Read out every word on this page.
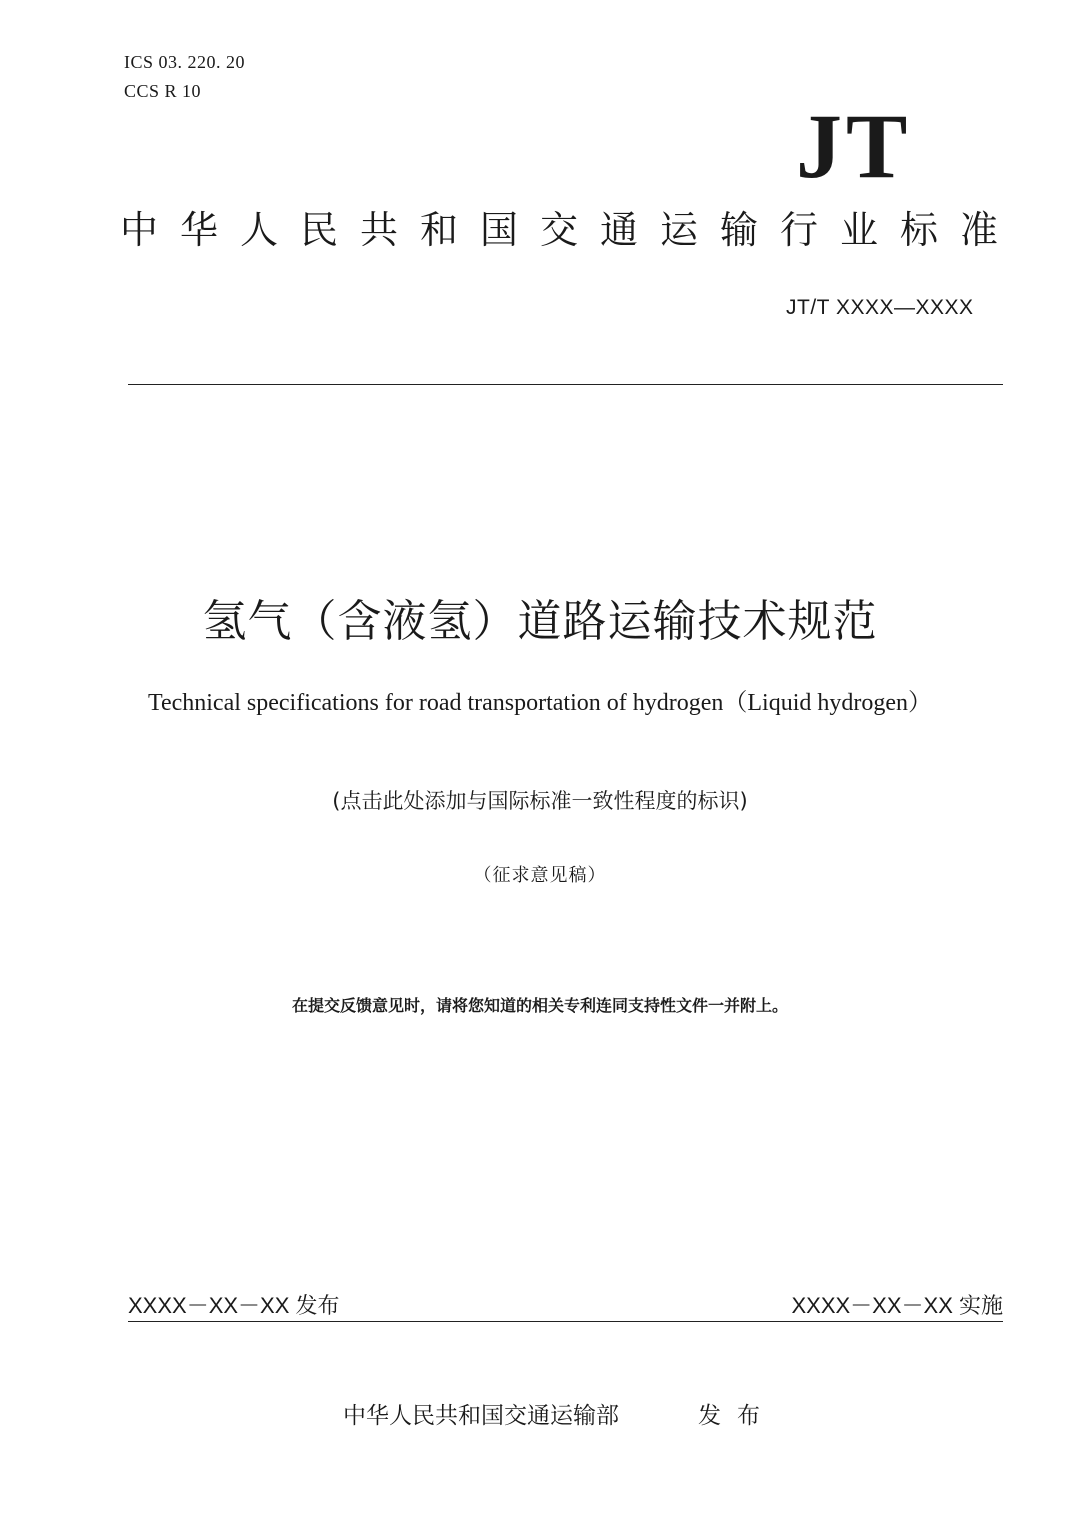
ICS 03. 220. 20
CCS R 10
JT
中华人民共和国交通运输行业标准
JT/T XXXX—XXXX
氢气（含液氢）道路运输技术规范
Technical specifications for road transportation of hydrogen（Liquid hydrogen）
(点击此处添加与国际标准一致性程度的标识)
（征求意见稿）
在提交反馈意见时，请将您知道的相关专利连同支持性文件一并附上。
XXXX－XX－XX 发布	XXXX－XX－XX 实施
中华人民共和国交通运输部	发布
